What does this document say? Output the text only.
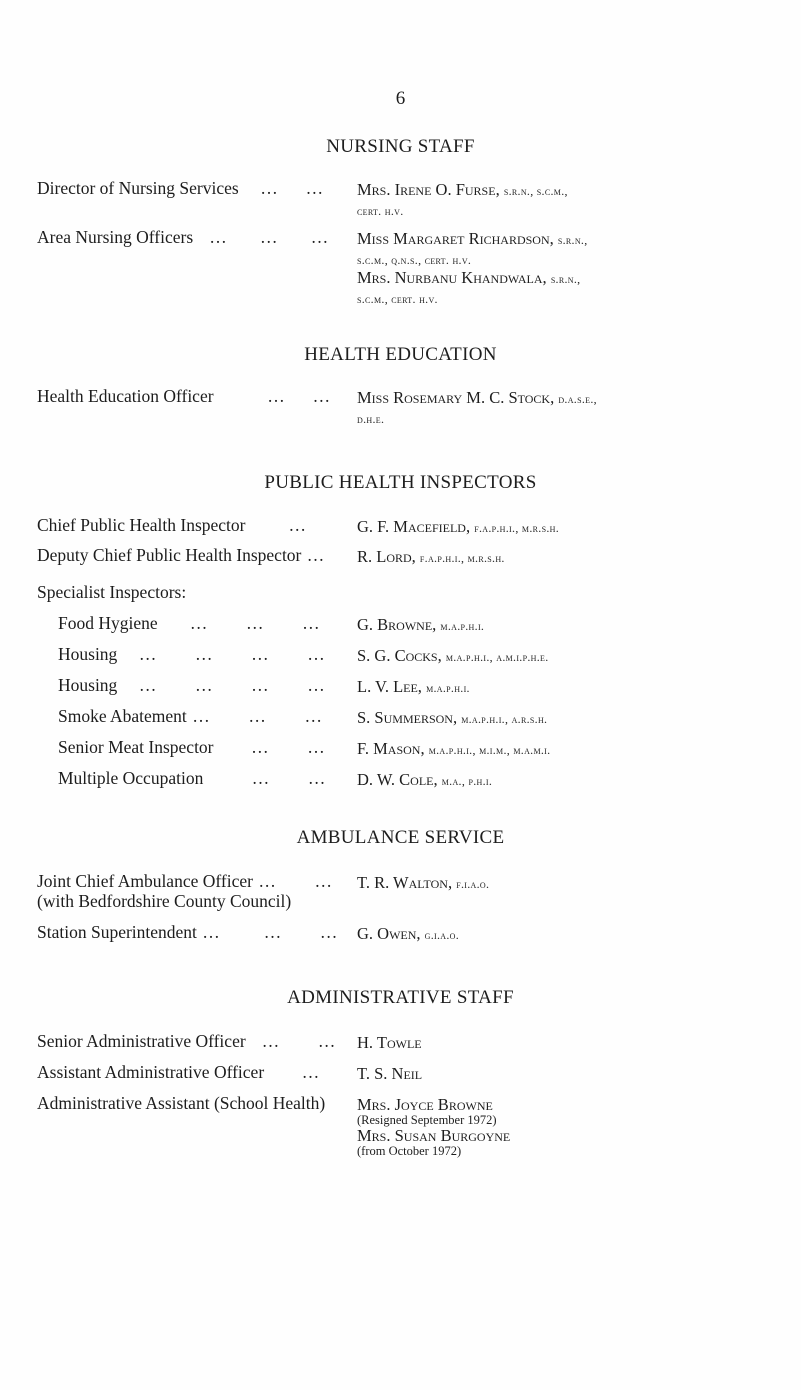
6
NURSING STAFF
Director of Nursing Services    …     … Mrs. Irene O. Furse, s.r.n., s.c.m.,
cert. h.v.
Area Nursing Officers   …      …      … Miss Margaret Richardson, s.r.n.,
s.c.m., q.n.s., cert. h.v.
Mrs. Nurbanu Khandwala, s.r.n.,
s.c.m., cert. h.v.
HEALTH EDUCATION
Health Education Officer          …     … Miss Rosemary M. C. Stock, d.a.s.e.,
d.h.e.
PUBLIC HEALTH INSPECTORS
Chief Public Health Inspector        …	G. F. Macefield, f.a.p.h.i., m.r.s.h.
Deputy Chief Public Health Inspector … R. Lord, f.a.p.h.i., m.r.s.h.
Specialist Inspectors:
Food Hygiene      …       …       … G. Browne, m.a.p.h.i.
Housing    …       …       …       … S. G. Cocks, m.a.p.h.i., a.m.i.p.h.e.
Housing    …       …       …       … L. V. Lee, m.a.p.h.i.
Smoke Abatement …       …       … S. Summerson, m.a.p.h.i., a.r.s.h.
Senior Meat Inspector       …       … F. Mason, m.a.p.h.i., m.i.m., m.a.m.i.
Multiple Occupation         …       … D. W. Cole, m.a., p.h.i.
AMBULANCE SERVICE
Joint Chief Ambulance Officer …       …
(with Bedfordshire County Council)
T. R. Walton, f.i.a.o.
Station Superintendent …        …       … G. Owen, g.i.a.o.
ADMINISTRATIVE STAFF
Senior Administrative Officer   …       … H. Towle
Assistant Administrative Officer       … T. S. Neil
Administrative Assistant (School Health) Mrs. Joyce Browne
(Resigned September 1972)
Mrs. Susan Burgoyne
(from October 1972)
